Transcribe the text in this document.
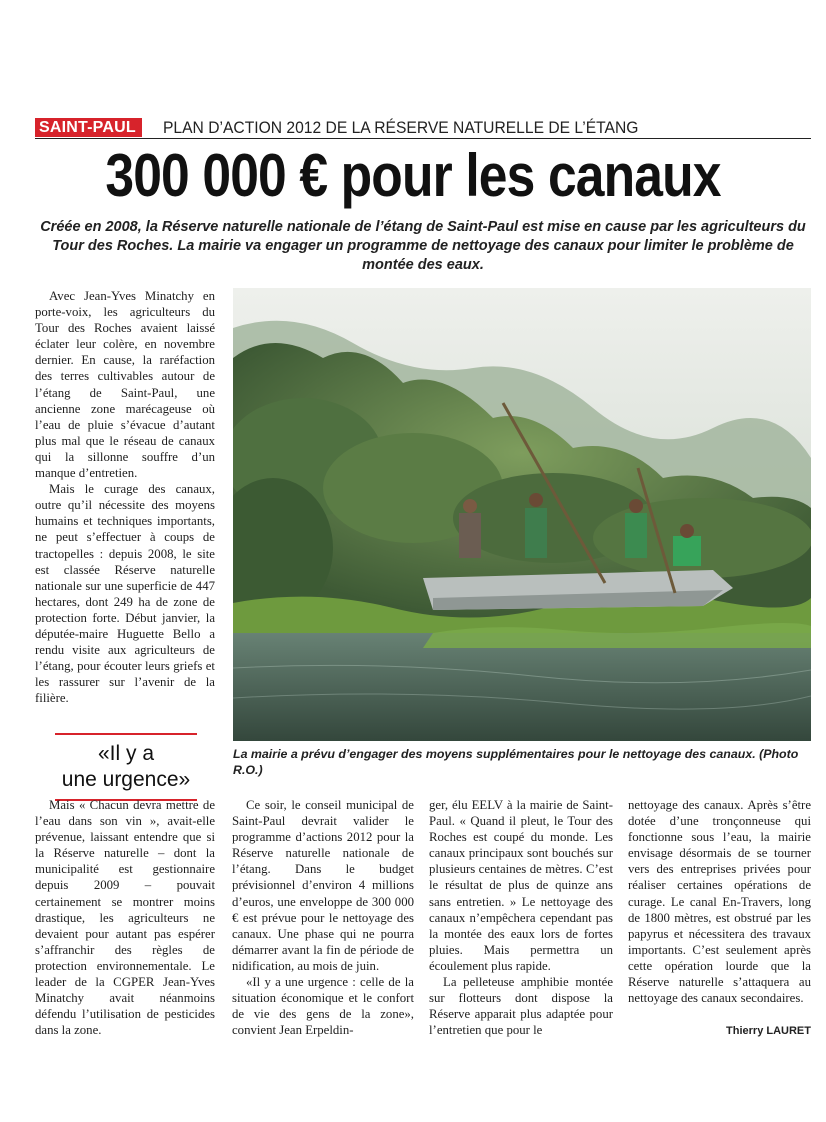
SAINT-PAUL	PLAN D’ACTION 2012 DE LA RÉSERVE NATURELLE DE L’ÉTANG
300 000 € pour les canaux
Créée en 2008, la Réserve naturelle nationale de l’étang de Saint-Paul est mise en cause par les agriculteurs du Tour des Roches. La mairie va engager un programme de nettoyage des canaux pour limiter le problème de montée des eaux.

Avec Jean-Yves Minatchy en porte-voix, les agriculteurs du Tour des Roches avaient laissé éclater leur colère, en novembre dernier. En cause, la raréfaction des terres cultivables autour de l’étang de Saint-Paul, une ancienne zone marécageuse où l’eau de pluie s’évacue d’autant plus mal que le réseau de canaux qui la sillonne souffre d’un manque d’entretien.

Mais le curage des canaux, outre qu’il nécessite des moyens humains et techniques importants, ne peut s’effectuer à coups de tractopelles : depuis 2008, le site est classée Réserve naturelle nationale sur une superficie de 447 hectares, dont 249 ha de zone de protection forte. Début janvier, la députée-maire Huguette Bello a rendu visite aux agriculteurs de l’étang, pour écouter leurs griefs et les rassurer sur l’avenir de la filière.

«Il y a
une urgence»
La mairie a prévu d’engager des moyens supplémentaires pour le nettoyage des canaux. (Photo R.O.)

Mais « Chacun devra mettre de l’eau dans son vin », avait-elle prévenue, laissant entendre que si la Réserve naturelle – dont la municipalité est gestionnaire depuis 2009 – pouvait certainement se montrer moins drastique, les agriculteurs ne devaient pour autant pas espérer s’affranchir des règles de protection environnementale. Le leader de la CGPER Jean-Yves Minatchy avait néanmoins défendu l’utilisation de pesticides dans la zone.

Ce soir, le conseil municipal de Saint-Paul devrait valider le programme d’actions 2012 pour la Réserve naturelle nationale de l’étang. Dans le budget prévisionnel d’environ 4 millions d’euros, une enveloppe de 300 000 € est prévue pour le nettoyage des canaux. Une phase qui ne pourra démarrer avant la fin de période de nidification, au mois de juin.

«Il y a une urgence : celle de la situation économique et le confort de vie des gens de la zone», convient Jean Erpeldin-

ger, élu EELV à la mairie de Saint-Paul. « Quand il pleut, le Tour des Roches est coupé du monde. Les canaux principaux sont bouchés sur plusieurs centaines de mètres. C’est le résultat de plus de quinze ans sans entretien. » Le nettoyage des canaux n’empêchera cependant pas la montée des eaux lors de fortes pluies. Mais permettra un écoulement plus rapide.

La pelleteuse amphibie montée sur flotteurs dont dispose la Réserve apparait plus adaptée pour l’entretien que pour le

nettoyage des canaux. Après s’être dotée d’une tronçonneuse qui fonctionne sous l’eau, la mairie envisage désormais de se tourner vers des entreprises privées pour réaliser certaines opérations de curage. Le canal En-Travers, long de 1800 mètres, est obstrué par les papyrus et nécessitera des travaux importants. C’est seulement après cette opération lourde que la Réserve naturelle s’attaquera au nettoyage des canaux secondaires.

Thierry LAURET
